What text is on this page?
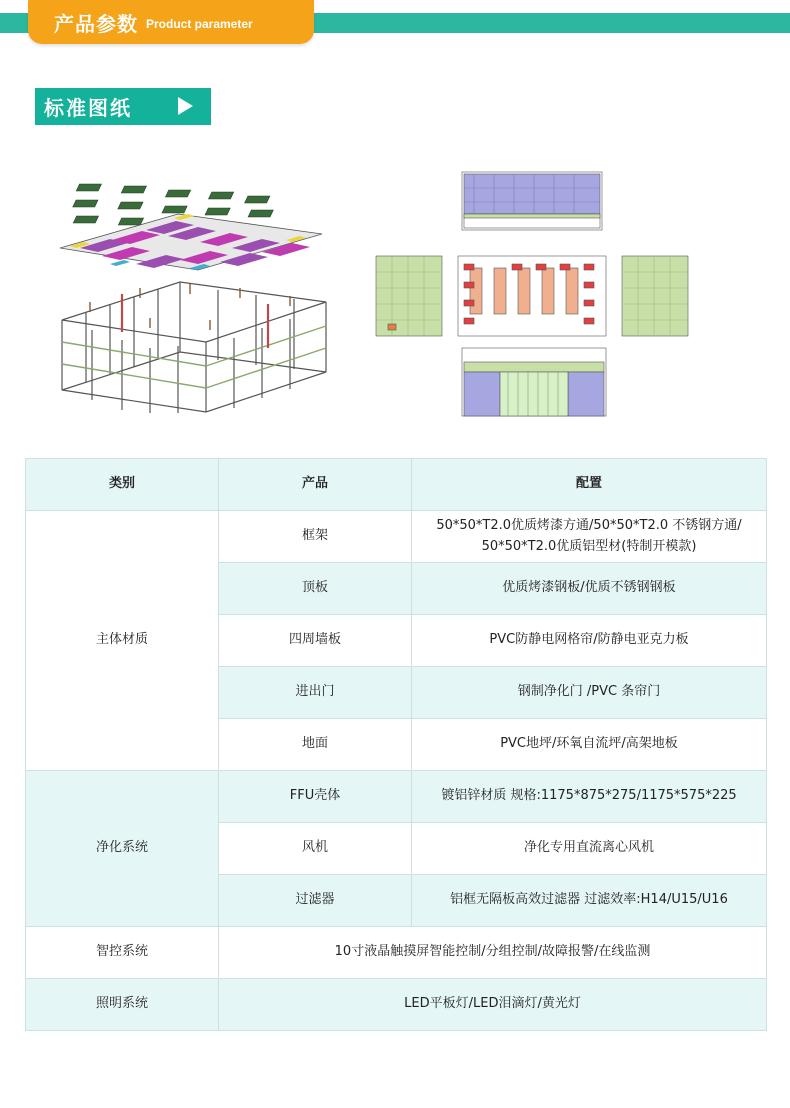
产品参数 Product parameter
标准图纸
类别	产品	配置
主体材质	框架	50*50*T2.0优质烤漆方通/50*50*T2.0 不锈钢方通/
50*50*T2.0优质铝型材(特制开模款)
	顶板	优质烤漆钢板/优质不锈钢钢板
	四周墙板	PVC防静电网格帘/防静电亚克力板
	进出门	钢制净化门 /PVC 条帘门
	地面	PVC地坪/环氧自流坪/高架地板
净化系统	FFU壳体	镀铝锌材质 规格:1175*875*275/1175*575*225
	风机	净化专用直流离心风机
	过滤器	铝框无隔板高效过滤器 过滤效率:H14/U15/U16
智控系统	10寸液晶触摸屏智能控制/分组控制/故障报警/在线监测	
照明系统	LED平板灯/LED泪滴灯/黄光灯	
